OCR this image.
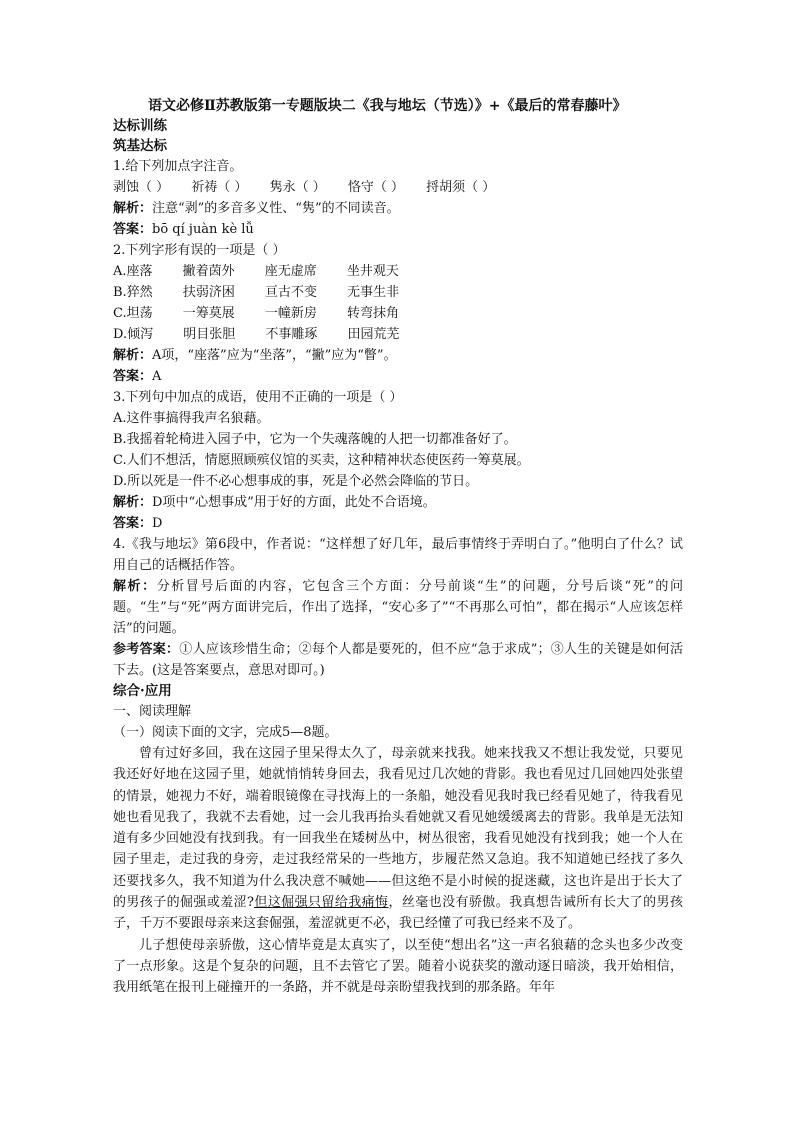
语文必修Ⅱ苏教版第一专题版块二《我与地坛（节选）》+《最后的常春藤叶》
达标训练
筑基达标
1.给下列加点字注音。
剥蚀（ ） 祈祷（ ） 隽永（ ） 恪守（ ） 捋胡须（ ）
解析：注意“剥”的多音多义性、“隽”的不同读音。
答案：bō qí juàn kè lǚ
2.下列字形有误的一项是（ ）
A.座落　　 撇着茵外　　 座无虚席　　 坐井观天
B.猝然　　 扶弱济困　　 亘古不变　　 无事生非
C.坦荡　　 一筹莫展　　 一幢新房　　 转弯抹角
D.倾泻　　 明目张胆　　 不事雕琢　　 田园荒芜
解析：A项，“座落”应为“坐落”，“撇”应为“瞥”。
答案：A
3.下列句中加点的成语，使用不正确的一项是（ ）
A.这件事搞得我声名狼藉。
B.我摇着轮椅进入园子中，它为一个失魂落魄的人把一切都准备好了。
C.人们不想活，情愿照顾殡仪馆的买卖，这种精神状态使医药一筹莫展。
D.所以死是一件不必心想事成的事，死是个必然会降临的节日。
解析：D项中“心想事成”用于好的方面，此处不合语境。
答案：D
4.《我与地坛》第6段中，作者说：“这样想了好几年，最后事情终于弄明白了。”他明白了什么？试用自己的话概括作答。
解析：分析冒号后面的内容，它包含三个方面：分号前谈“生”的问题，分号后谈“死”的问题。“生”与“死”两方面讲完后，作出了选择，“安心多了”“不再那么可怕”，都在揭示“人应该怎样活”的问题。
参考答案：①人应该珍惜生命；②每个人都是要死的，但不应“急于求成”；③人生的关键是如何活下去。(这是答案要点，意思对即可。)
综合·应用
一、阅读理解
（一）阅读下面的文字，完成5—8题。
曾有过好多回，我在这园子里呆得太久了，母亲就来找我。她来找我又不想让我发觉，只要见我还好好地在这园子里，她就悄悄转身回去，我看见过几次她的背影。我也看见过几回她四处张望的情景，她视力不好，端着眼镜像在寻找海上的一条船，她没看见我时我已经看见她了，待我看见她也看见我了，我就不去看她，过一会儿我再抬头看她就又看见她缓缓离去的背影。我单是无法知道有多少回她没有找到我。有一回我坐在矮树丛中，树丛很密，我看见她没有找到我；她一个人在园子里走，走过我的身旁，走过我经常呆的一些地方，步履茫然又急迫。我不知道她已经找了多久还要找多久，我不知道为什么我决意不喊她——但这绝不是小时候的捉迷藏，这也许是出于长大了的男孩子的倔强或羞涩?但这倔强只留给我痛悔，丝毫也没有骄傲。我真想告诫所有长大了的男孩子，千万不要跟母亲来这套倔强，羞涩就更不必，我已经懂了可我已经来不及了。
儿子想使母亲骄傲，这心情毕竟是太真实了，以至使“想出名”这一声名狼藉的念头也多少改变了一点形象。这是个复杂的问题，且不去管它了罢。随着小说获奖的激动逐日暗淡，我开始相信，我用纸笔在报刊上碰撞开的一条路，并不就是母亲盼望我找到的那条路。年年
